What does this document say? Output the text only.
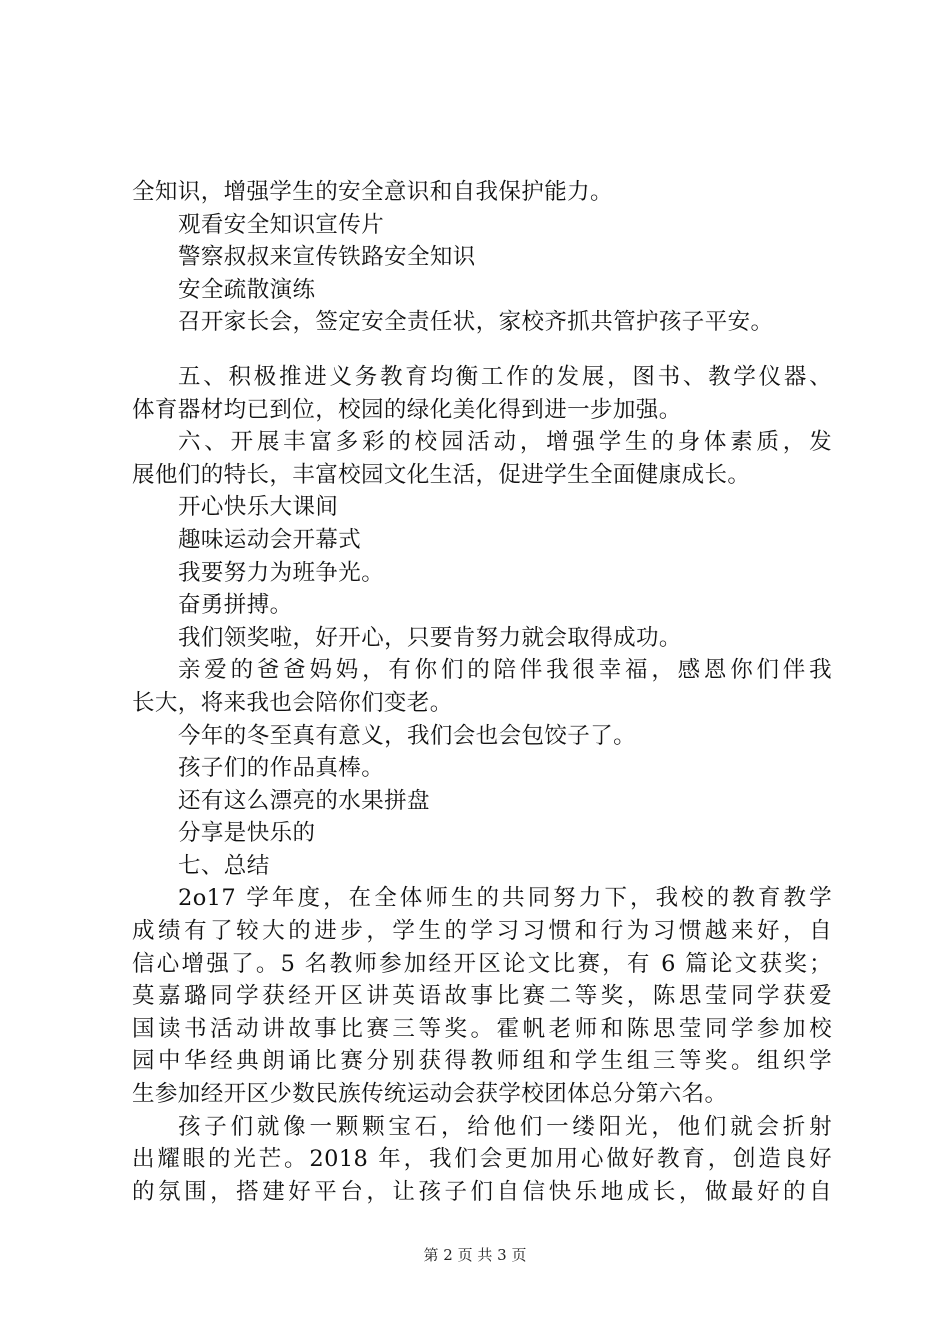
全知识，增强学生的安全意识和自我保护能力。
观看安全知识宣传片
警察叔叔来宣传铁路安全知识
安全疏散演练
召开家长会，签定安全责任状，家校齐抓共管护孩子平安。
五、积极推进义务教育均衡工作的发展，图书、教学仪器、
体育器材均已到位，校园的绿化美化得到进一步加强。
六、开展丰富多彩的校园活动，增强学生的身体素质，发
展他们的特长，丰富校园文化生活，促进学生全面健康成长。
开心快乐大课间
趣味运动会开幕式
我要努力为班争光。
奋勇拼搏。
我们领奖啦，好开心，只要肯努力就会取得成功。
亲爱的爸爸妈妈，有你们的陪伴我很幸福，感恩你们伴我
长大，将来我也会陪你们变老。
今年的冬至真有意义，我们会也会包饺子了。
孩子们的作品真棒。
还有这么漂亮的水果拼盘
分享是快乐的
七、总结
2o17 学年度，在全体师生的共同努力下，我校的教育教学
成绩有了较大的进步，学生的学习习惯和行为习惯越来好，自
信心增强了。5 名教师参加经开区论文比赛，有 6 篇论文获奖；
莫嘉璐同学获经开区讲英语故事比赛二等奖，陈思莹同学获爱
国读书活动讲故事比赛三等奖。霍帆老师和陈思莹同学参加校
园中华经典朗诵比赛分别获得教师组和学生组三等奖。组织学
生参加经开区少数民族传统运动会获学校团体总分第六名。
孩子们就像一颗颗宝石，给他们一缕阳光，他们就会折射
出耀眼的光芒。2018 年，我们会更加用心做好教育，创造良好
的氛围，搭建好平台，让孩子们自信快乐地成长，做最好的自
第 2 页 共 3 页
